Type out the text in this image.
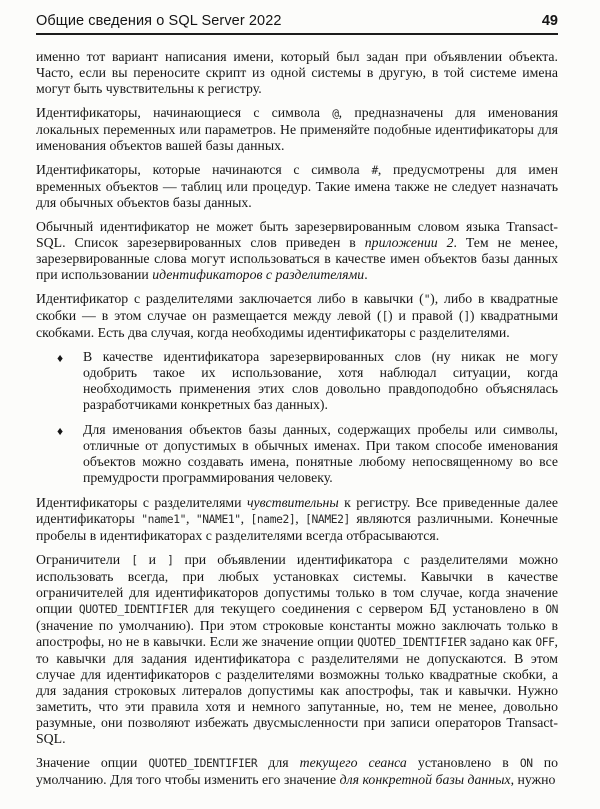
Общие сведения о SQL Server 2022	49
именно тот вариант написания имени, который был задан при объявлении объекта. Часто, если вы переносите скрипт из одной системы в другую, в той системе имена могут быть чувствительны к регистру.
Идентификаторы, начинающиеся с символа @, предназначены для именования локальных переменных или параметров. Не применяйте подобные идентификаторы для именования объектов вашей базы данных.
Идентификаторы, которые начинаются с символа #, предусмотрены для имен временных объектов — таблиц или процедур. Такие имена также не следует назначать для обычных объектов базы данных.
Обычный идентификатор не может быть зарезервированным словом языка Transact-SQL. Список зарезервированных слов приведен в приложении 2. Тем не менее, зарезервированные слова могут использоваться в качестве имен объектов базы данных при использовании идентификаторов с разделителями.
Идентификатор с разделителями заключается либо в кавычки ("), либо в квадратные скобки — в этом случае он размещается между левой ([) и правой (]) квадратными скобками. Есть два случая, когда необходимы идентификаторы с разделителями.
♦	В качестве идентификатора зарезервированных слов (ну никак не могу одобрить такое их использование, хотя наблюдал ситуации, когда необходимость применения этих слов довольно правдоподобно объяснялась разработчиками конкретных баз данных).
♦	Для именования объектов базы данных, содержащих пробелы или символы, отличные от допустимых в обычных именах. При таком способе именования объектов можно создавать имена, понятные любому непосвященному во все премудрости программирования человеку.
Идентификаторы с разделителями чувствительны к регистру. Все приведенные далее идентификаторы "name1", "NAME1", [name2], [NAME2] являются различными. Конечные пробелы в идентификаторах с разделителями всегда отбрасываются.
Ограничители [ и ] при объявлении идентификатора с разделителями можно использовать всегда, при любых установках системы. Кавычки в качестве ограничителей для идентификаторов допустимы только в том случае, когда значение опции QUOTED_IDENTIFIER для текущего соединения с сервером БД установлено в ON (значение по умолчанию). При этом строковые константы можно заключать только в апострофы, но не в кавычки. Если же значение опции QUOTED_IDENTIFIER задано как OFF, то кавычки для задания идентификатора с разделителями не допускаются. В этом случае для идентификаторов с разделителями возможны только квадратные скобки, а для задания строковых литералов допустимы как апострофы, так и кавычки. Нужно заметить, что эти правила хотя и немного запутанные, но, тем не менее, довольно разумные, они позволяют избежать двусмысленности при записи операторов Transact-SQL.
Значение опции QUOTED_IDENTIFIER для текущего сеанса установлено в ON по умолчанию. Для того чтобы изменить его значение для конкретной базы данных, нужно
